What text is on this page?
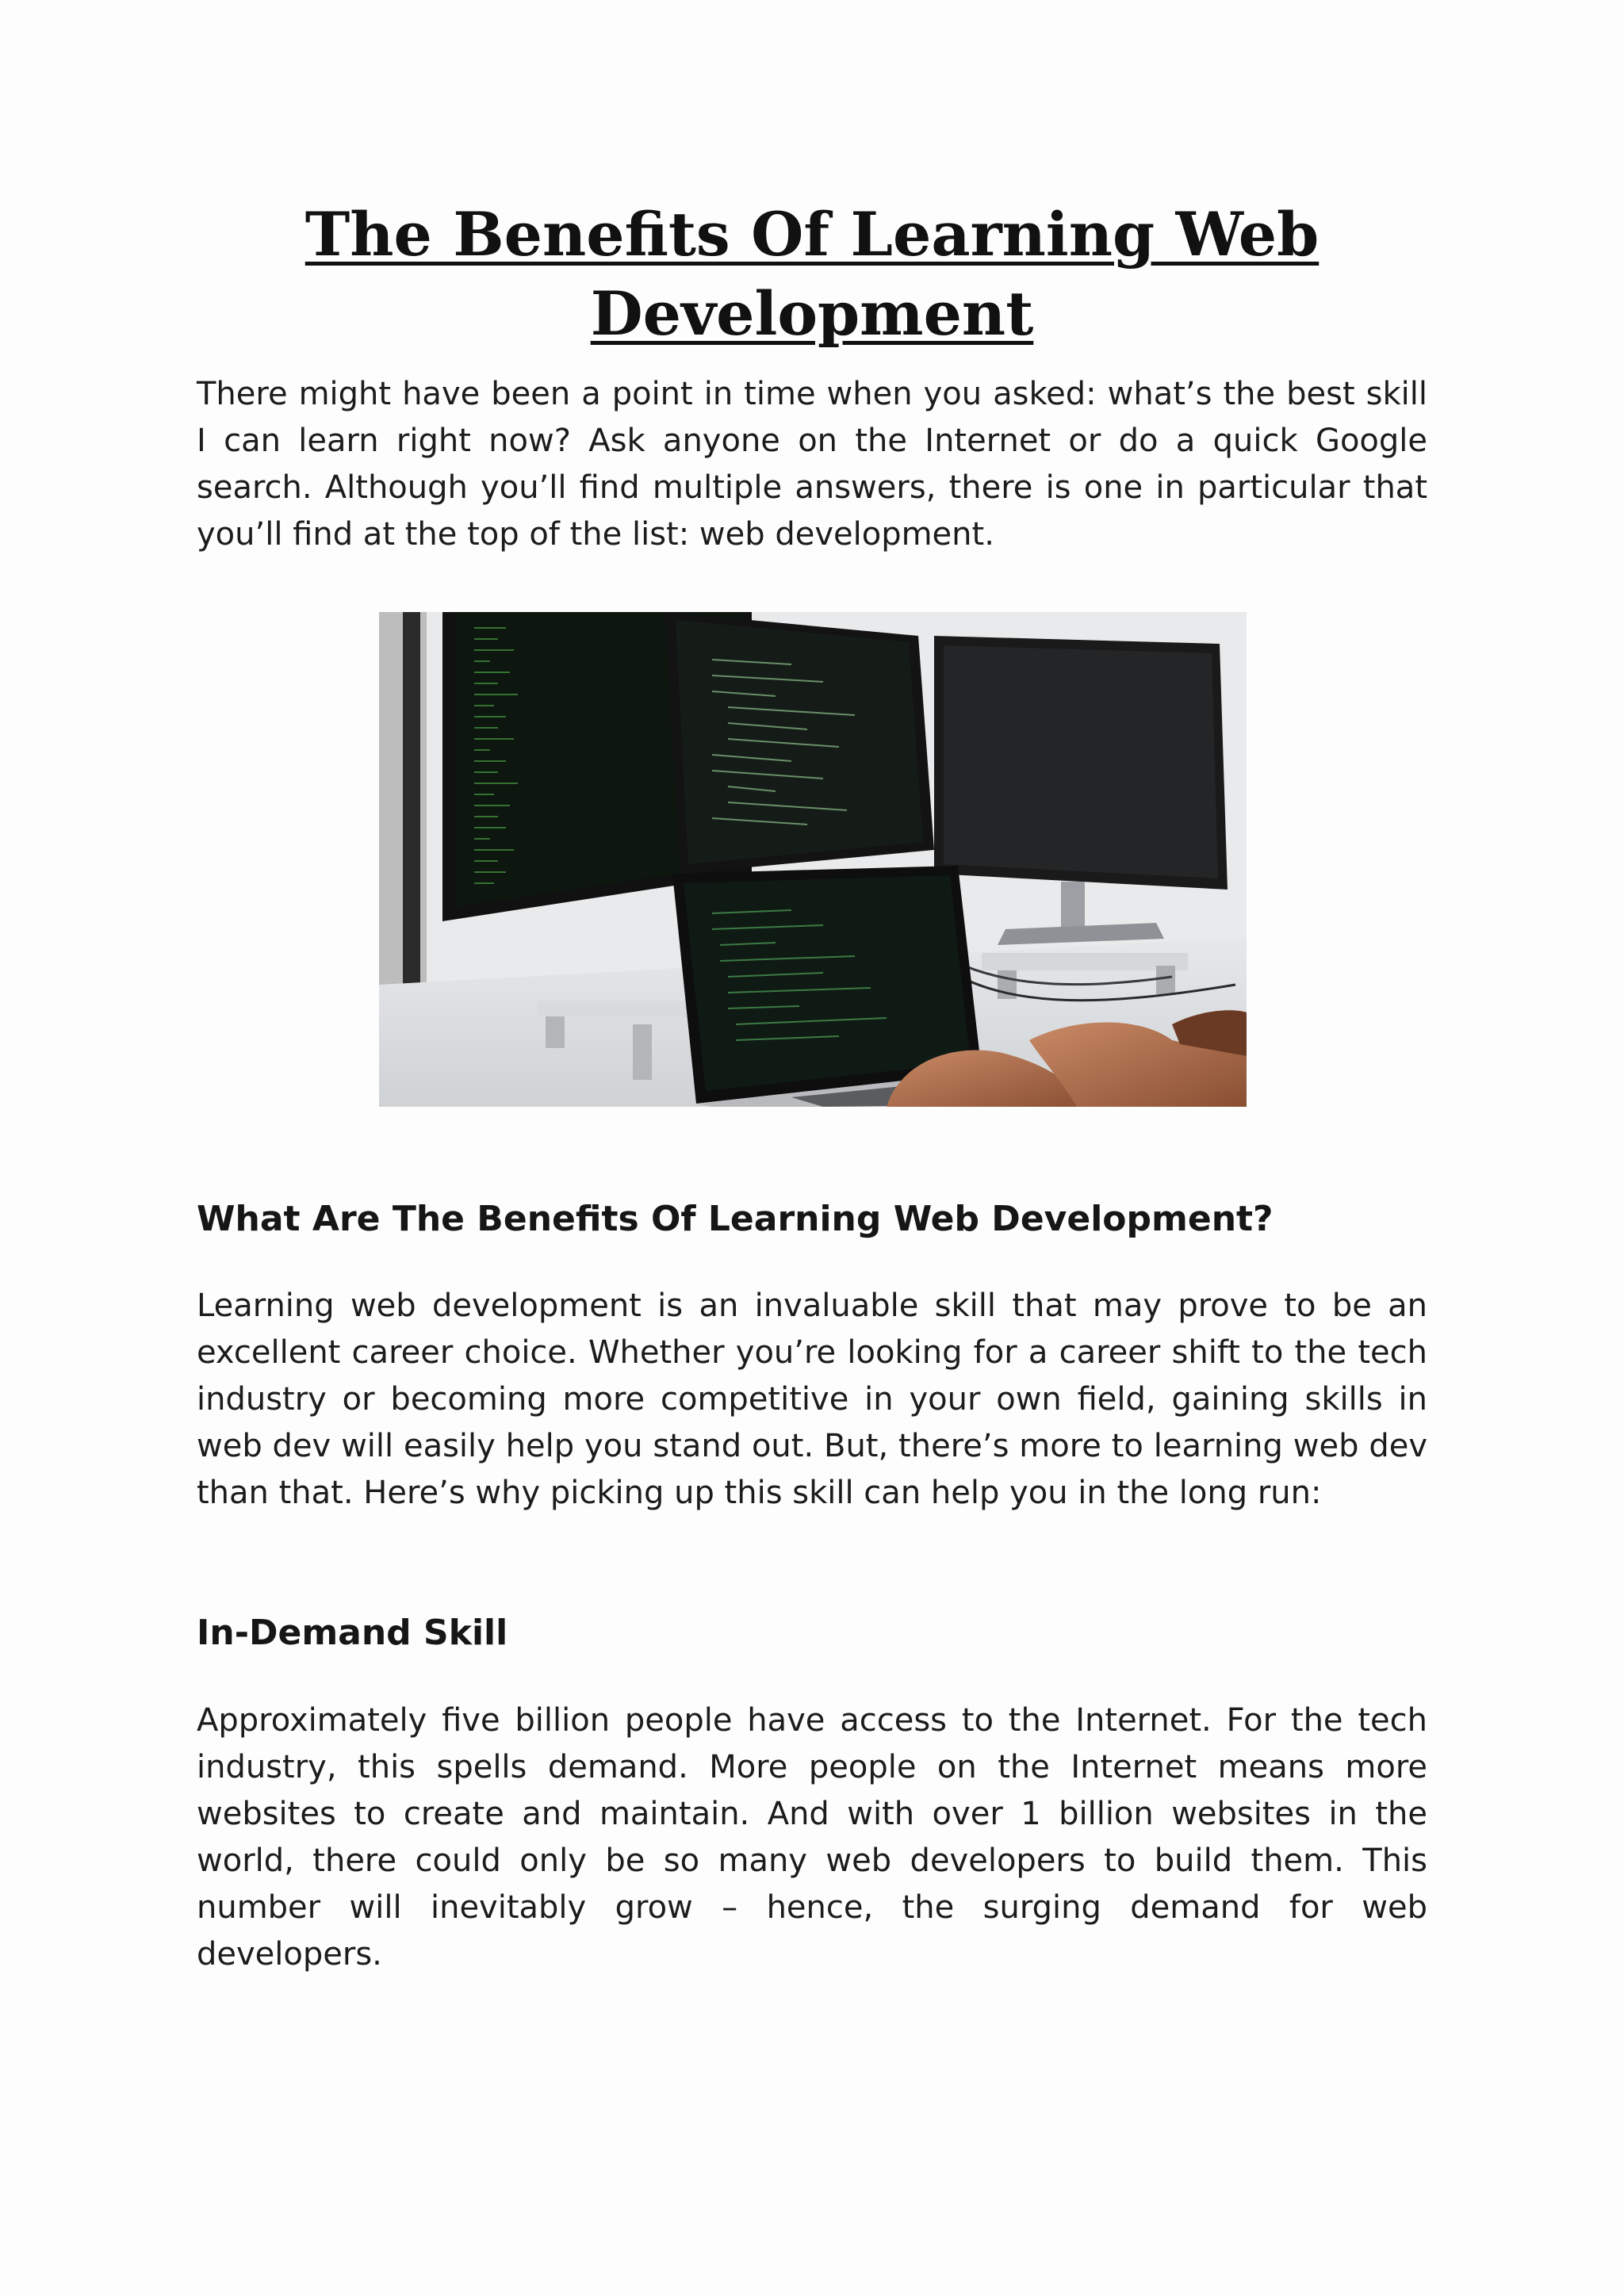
The Benefits Of Learning Web Development

There might have been a point in time when you asked: what’s the best skill I can learn right now? Ask anyone on the Internet or do a quick Google search. Although you’ll find multiple answers, there is one in particular that you’ll find at the top of the list: web development.

What Are The Benefits Of Learning Web Development?

Learning web development is an invaluable skill that may prove to be an excellent career choice. Whether you’re looking for a career shift to the tech industry or becoming more competitive in your own field, gaining skills in web dev will easily help you stand out. But, there’s more to learning web dev than that. Here’s why picking up this skill can help you in the long run:

In-Demand Skill

Approximately five billion people have access to the Internet. For the tech industry, this spells demand. More people on the Internet means more websites to create and maintain. And with over 1 billion websites in the world, there could only be so many web developers to build them. This number will inevitably grow – hence, the surging demand for web developers.
